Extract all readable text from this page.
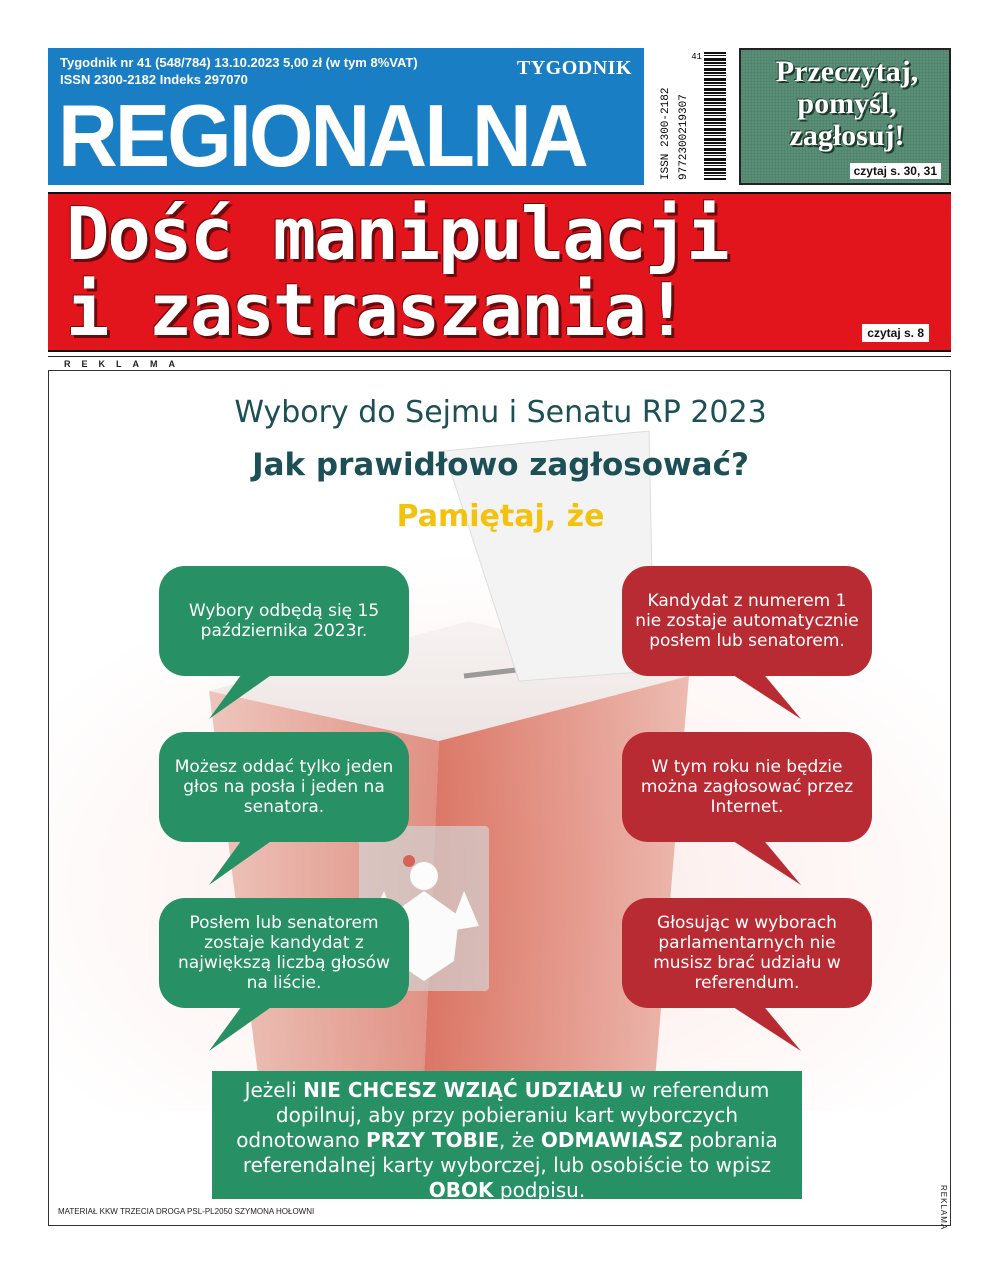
Tygodnik nr 41 (548/784) 13.10.2023 5,00 zł (w tym 8%VAT)
ISSN 2300-2182 Indeks 297070
TYGODNIK
REGIONALNA	ISSN 2300-2182 9772300219307
41	Przeczytaj,
pomyśl,
zagłosuj!
czytaj s. 30, 31
Dość manipulacji
i zastraszania!	czytaj s. 8
REKLAMA
Wybory do Sejmu i Senatu RP 2023
Jak prawidłowo zagłosować?
Pamiętaj, że
Wybory odbędą się 15 października 2023r.
Możesz oddać tylko jeden głos na posła i jeden na senatora.
Posłem lub senatorem zostaje kandydat z największą liczbą głosów na liście.
Kandydat z numerem 1 nie zostaje automatycznie posłem lub senatorem.
W tym roku nie będzie można zagłosować przez Internet.
Głosując w wyborach parlamentarnych nie musisz brać udziału w referendum.
Jeżeli NIE CHCESZ WZIĄĆ UDZIAŁU w referendum dopilnuj, aby przy pobieraniu kart wyborczych odnotowano PRZY TOBIE, że ODMAWIASZ pobrania referendalnej karty wyborczej, lub osobiście to wpisz OBOK podpisu.
MATERIAŁ KKW TRZECIA DROGA PSL-PL2050 SZYMONA HOŁOWNI	REKLAMA
